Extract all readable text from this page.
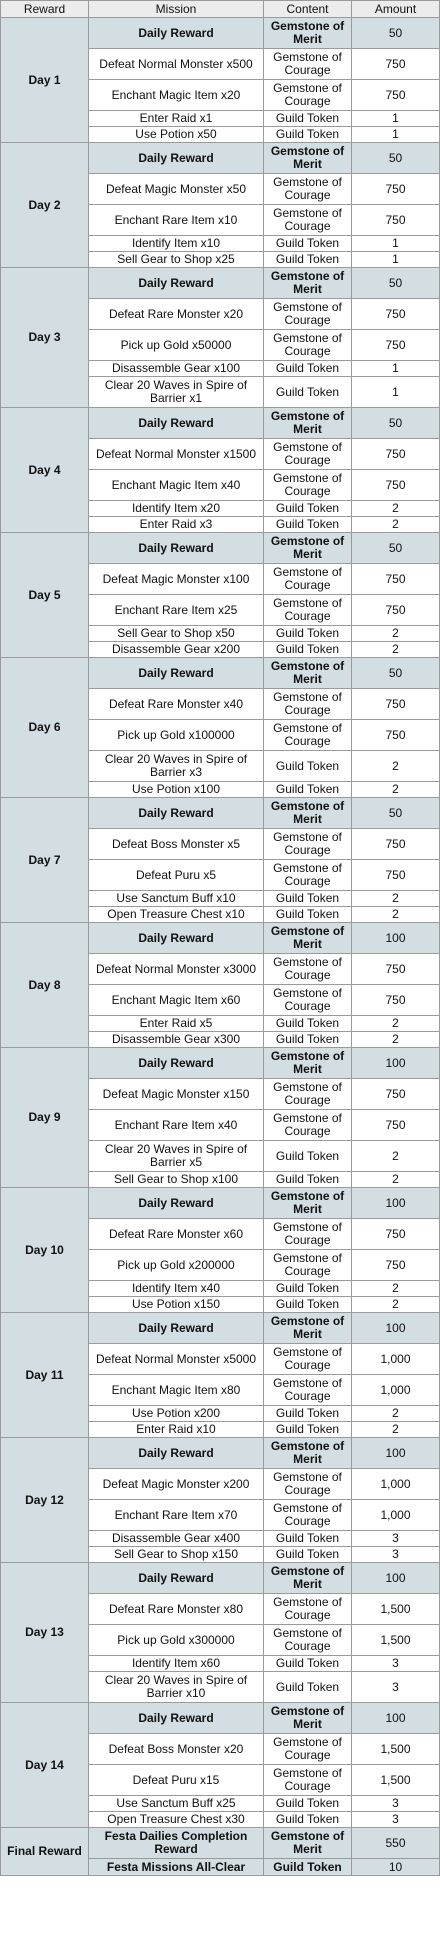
Reward	Mission	Content	Amount
Day 1	Daily Reward	Gemstone of Merit	50
	Defeat Normal Monster x500	Gemstone of Courage	750
	Enchant Magic Item x20	Gemstone of Courage	750
	Enter Raid x1	Guild Token	1
	Use Potion x50	Guild Token	1
Day 2	Daily Reward	Gemstone of Merit	50
	Defeat Magic Monster x50	Gemstone of Courage	750
	Enchant Rare Item x10	Gemstone of Courage	750
	Identify Item x10	Guild Token	1
	Sell Gear to Shop x25	Guild Token	1
Day 3	Daily Reward	Gemstone of Merit	50
	Defeat Rare Monster x20	Gemstone of Courage	750
	Pick up Gold x50000	Gemstone of Courage	750
	Disassemble Gear x100	Guild Token	1
	Clear 20 Waves in Spire of Barrier x1	Guild Token	1
Day 4	Daily Reward	Gemstone of Merit	50
	Defeat Normal Monster x1500	Gemstone of Courage	750
	Enchant Magic Item x40	Gemstone of Courage	750
	Identify Item x20	Guild Token	2
	Enter Raid x3	Guild Token	2
Day 5	Daily Reward	Gemstone of Merit	50
	Defeat Magic Monster x100	Gemstone of Courage	750
	Enchant Rare Item x25	Gemstone of Courage	750
	Sell Gear to Shop x50	Guild Token	2
	Disassemble Gear x200	Guild Token	2
Day 6	Daily Reward	Gemstone of Merit	50
	Defeat Rare Monster x40	Gemstone of Courage	750
	Pick up Gold x100000	Gemstone of Courage	750
	Clear 20 Waves in Spire of Barrier x3	Guild Token	2
	Use Potion x100	Guild Token	2
Day 7	Daily Reward	Gemstone of Merit	50
	Defeat Boss Monster x5	Gemstone of Courage	750
	Defeat Puru x5	Gemstone of Courage	750
	Use Sanctum Buff x10	Guild Token	2
	Open Treasure Chest x10	Guild Token	2
Day 8	Daily Reward	Gemstone of Merit	100
	Defeat Normal Monster x3000	Gemstone of Courage	750
	Enchant Magic Item x60	Gemstone of Courage	750
	Enter Raid x5	Guild Token	2
	Disassemble Gear x300	Guild Token	2
Day 9	Daily Reward	Gemstone of Merit	100
	Defeat Magic Monster x150	Gemstone of Courage	750
	Enchant Rare Item x40	Gemstone of Courage	750
	Clear 20 Waves in Spire of Barrier x5	Guild Token	2
	Sell Gear to Shop x100	Guild Token	2
Day 10	Daily Reward	Gemstone of Merit	100
	Defeat Rare Monster x60	Gemstone of Courage	750
	Pick up Gold x200000	Gemstone of Courage	750
	Identify Item x40	Guild Token	2
	Use Potion x150	Guild Token	2
Day 11	Daily Reward	Gemstone of Merit	100
	Defeat Normal Monster x5000	Gemstone of Courage	1,000
	Enchant Magic Item x80	Gemstone of Courage	1,000
	Use Potion x200	Guild Token	2
	Enter Raid x10	Guild Token	2
Day 12	Daily Reward	Gemstone of Merit	100
	Defeat Magic Monster x200	Gemstone of Courage	1,000
	Enchant Rare Item x70	Gemstone of Courage	1,000
	Disassemble Gear x400	Guild Token	3
	Sell Gear to Shop x150	Guild Token	3
Day 13	Daily Reward	Gemstone of Merit	100
	Defeat Rare Monster x80	Gemstone of Courage	1,500
	Pick up Gold x300000	Gemstone of Courage	1,500
	Identify Item x60	Guild Token	3
	Clear 20 Waves in Spire of Barrier x10	Guild Token	3
Day 14	Daily Reward	Gemstone of Merit	100
	Defeat Boss Monster x20	Gemstone of Courage	1,500
	Defeat Puru x15	Gemstone of Courage	1,500
	Use Sanctum Buff x25	Guild Token	3
	Open Treasure Chest x30	Guild Token	3
Final Reward	Festa Dailies Completion Reward	Gemstone of Merit	550
	Festa Missions All-Clear	Guild Token	10
